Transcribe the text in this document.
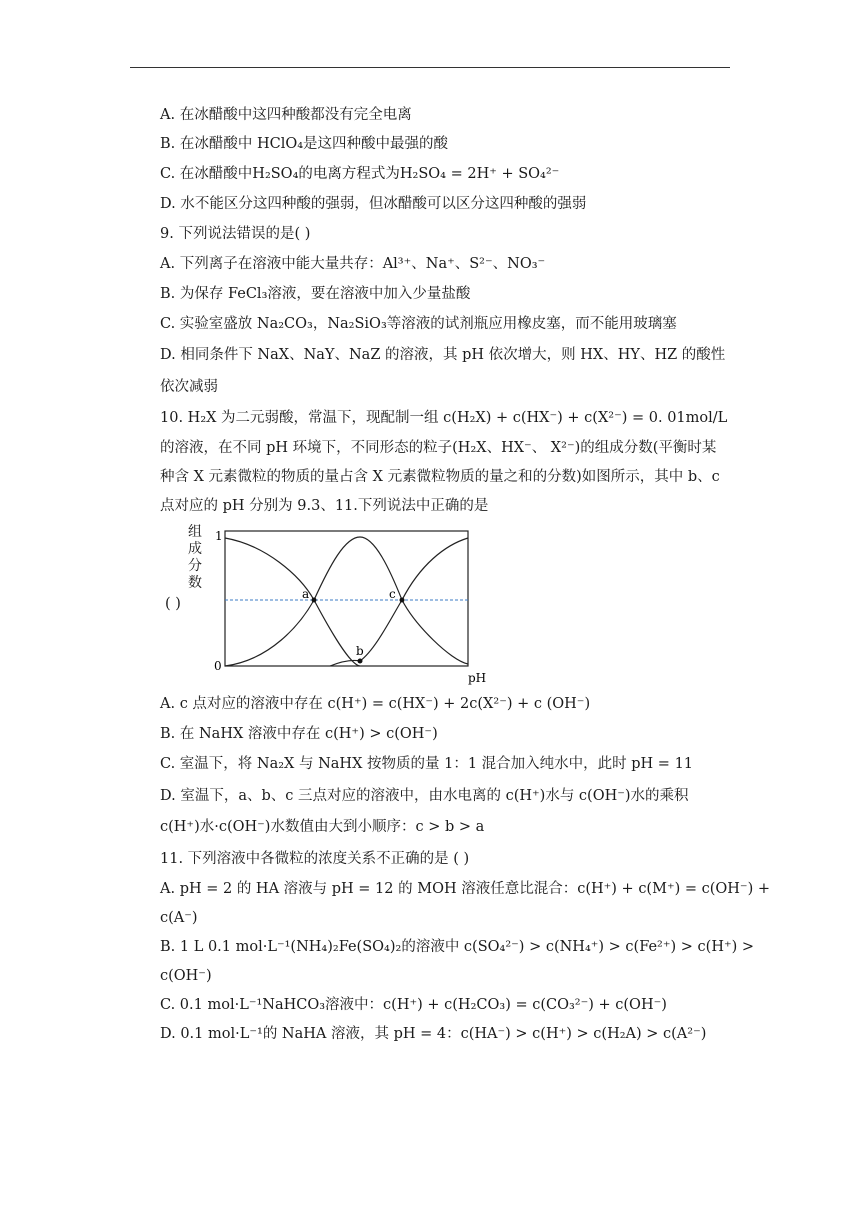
A. 在冰醋酸中这四种酸都没有完全电离
B. 在冰醋酸中 HClO₄是这四种酸中最强的酸
C. 在冰醋酸中H₂SO₄的电离方程式为H₂SO₄ = 2H⁺ + SO₄²⁻
D. 水不能区分这四种酸的强弱，但冰醋酸可以区分这四种酸的强弱
9. 下列说法错误的是( )
A. 下列离子在溶液中能大量共存：Al³⁺、Na⁺、S²⁻、NO₃⁻
B. 为保存 FeCl₃溶液，要在溶液中加入少量盐酸
C. 实验室盛放 Na₂CO₃，Na₂SiO₃等溶液的试剂瓶应用橡皮塞，而不能用玻璃塞
D. 相同条件下 NaX、NaY、NaZ 的溶液，其 pH 依次增大，则 HX、HY、HZ 的酸性
依次减弱
10. H₂X 为二元弱酸，常温下，现配制一组 c(H₂X) + c(HX⁻) + c(X²⁻) = 0. 01mol/L
的溶液，在不同 pH 环境下，不同形态的粒子(H₂X、HX⁻、 X²⁻)的组成分数(平衡时某
种含 X 元素微粒的物质的量占含 X 元素微粒物质的量之和的分数)如图所示，其中 b、c
点对应的 pH 分别为 9.3、11.下列说法中正确的是
( )
组
成
分
数
a
b
c
1
0
pH
A. c 点对应的溶液中存在 c(H⁺) = c(HX⁻) + 2c(X²⁻) + c (OH⁻)
B. 在 NaHX 溶液中存在 c(H⁺) > c(OH⁻)
C. 室温下，将 Na₂X 与 NaHX 按物质的量 1：1 混合加入纯水中，此时 pH = 11
D. 室温下，a、b、c 三点对应的溶液中，由水电离的 c(H⁺)水与 c(OH⁻)水的乘积
c(H⁺)水·c(OH⁻)水数值由大到小顺序：c > b > a
11. 下列溶液中各微粒的浓度关系不正确的是 ( )
A. pH = 2 的 HA 溶液与 pH = 12 的 MOH 溶液任意比混合：c(H⁺) + c(M⁺) = c(OH⁻) +
c(A⁻)
B. 1 L 0.1 mol·L⁻¹(NH₄)₂Fe(SO₄)₂的溶液中 c(SO₄²⁻) > c(NH₄⁺) > c(Fe²⁺) > c(H⁺) >
c(OH⁻)
C. 0.1 mol·L⁻¹NaHCO₃溶液中：c(H⁺) + c(H₂CO₃) = c(CO₃²⁻) + c(OH⁻)
D. 0.1 mol·L⁻¹的 NaHA 溶液，其 pH = 4：c(HA⁻) > c(H⁺) > c(H₂A) > c(A²⁻)
